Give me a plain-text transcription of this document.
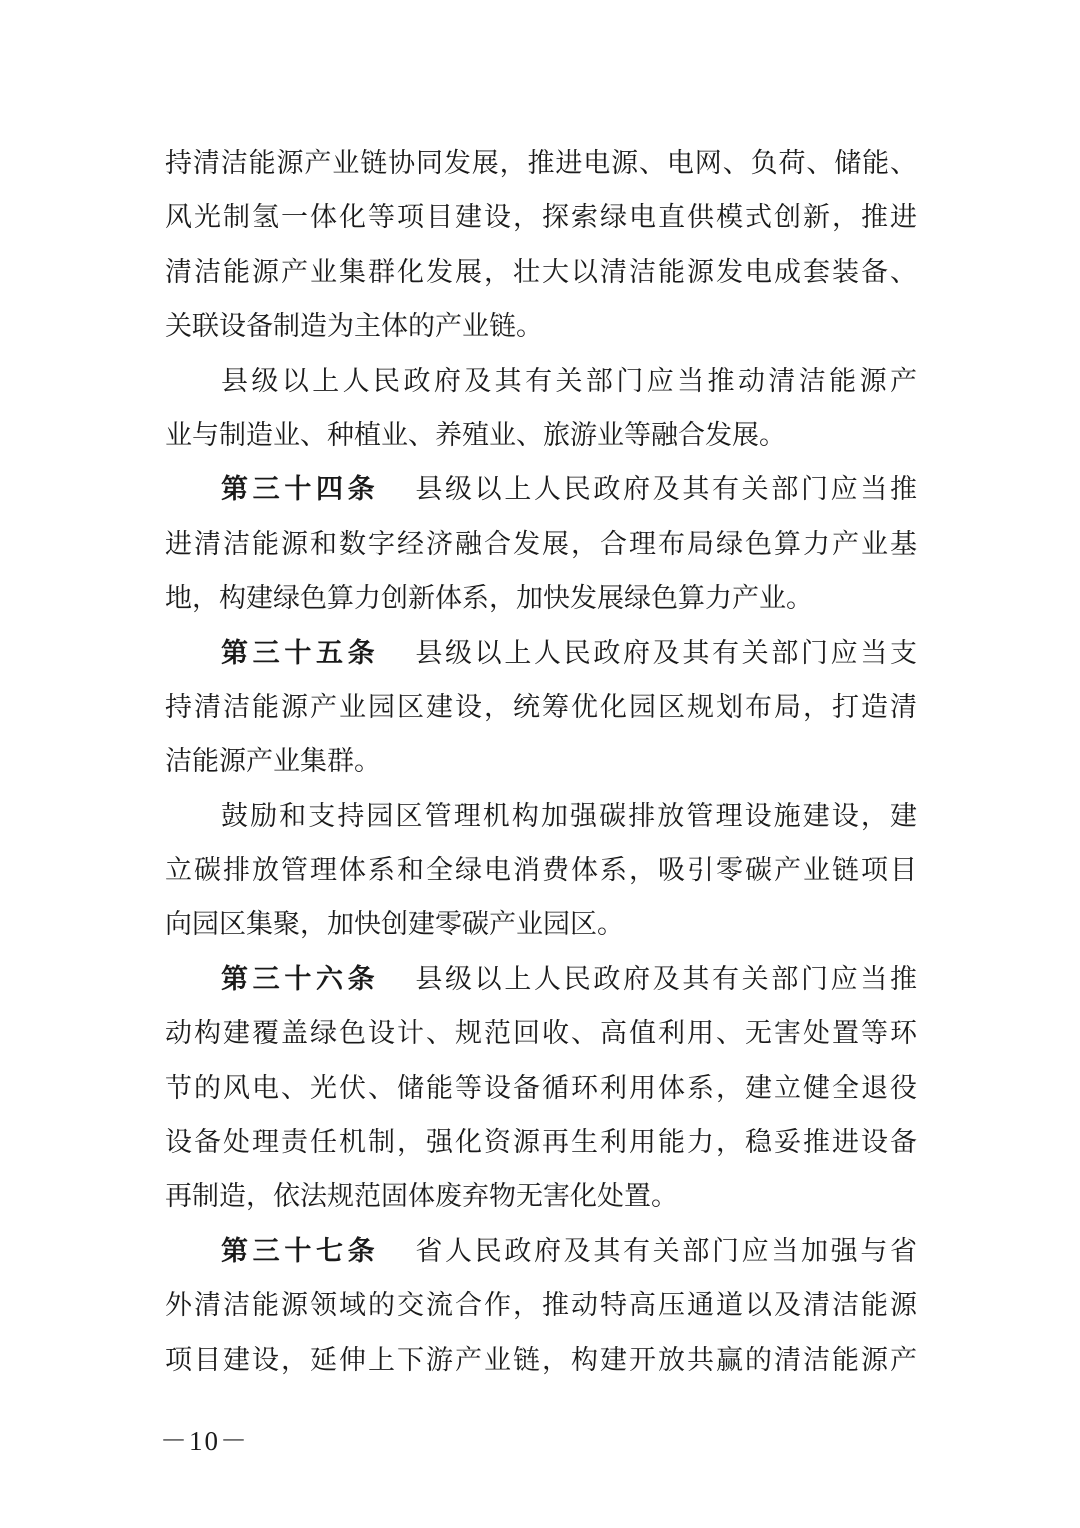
持清洁能源产业链协同发展，推进电源、电网、负荷、储能、
风光制氢一体化等项目建设，探索绿电直供模式创新，推进
清洁能源产业集群化发展，壮大以清洁能源发电成套装备、
关联设备制造为主体的产业链。
县级以上人民政府及其有关部门应当推动清洁能源产
业与制造业、种植业、养殖业、旅游业等融合发展。
第三十四条 县级以上人民政府及其有关部门应当推
进清洁能源和数字经济融合发展，合理布局绿色算力产业基
地，构建绿色算力创新体系，加快发展绿色算力产业。
第三十五条 县级以上人民政府及其有关部门应当支
持清洁能源产业园区建设，统筹优化园区规划布局，打造清
洁能源产业集群。
鼓励和支持园区管理机构加强碳排放管理设施建设，建
立碳排放管理体系和全绿电消费体系，吸引零碳产业链项目
向园区集聚，加快创建零碳产业园区。
第三十六条 县级以上人民政府及其有关部门应当推
动构建覆盖绿色设计、规范回收、高值利用、无害处置等环
节的风电、光伏、储能等设备循环利用体系，建立健全退役
设备处理责任机制，强化资源再生利用能力，稳妥推进设备
再制造，依法规范固体废弃物无害化处置。
第三十七条 省人民政府及其有关部门应当加强与省
外清洁能源领域的交流合作，推动特高压通道以及清洁能源
项目建设，延伸上下游产业链，构建开放共赢的清洁能源产
－10－
